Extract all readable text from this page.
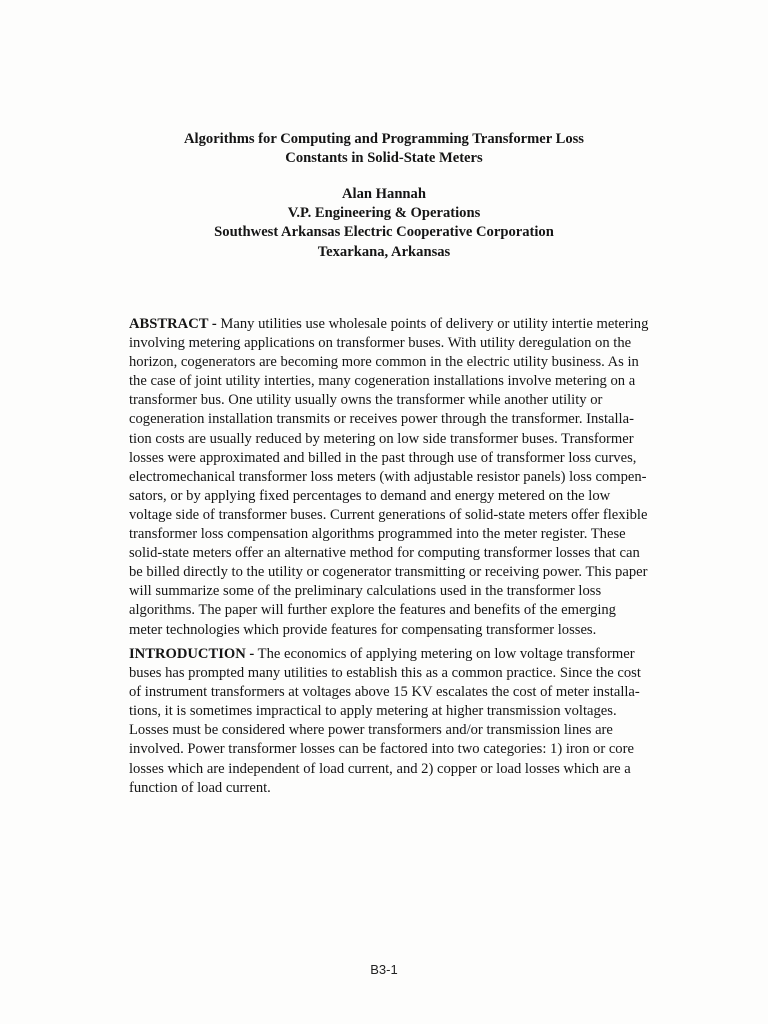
Algorithms for Computing and Programming Transformer Loss
Constants in Solid-State Meters
Alan Hannah
V.P. Engineering & Operations
Southwest Arkansas Electric Cooperative Corporation
Texarkana, Arkansas
ABSTRACT - Many utilities use wholesale points of delivery or utility intertie metering
involving metering applications on transformer buses. With utility deregulation on the
horizon, cogenerators are becoming more common in the electric utility business. As in
the case of joint utility interties, many cogeneration installations involve metering on a
transformer bus. One utility usually owns the transformer while another utility or
cogeneration installation transmits or receives power through the transformer. Installa-
tion costs are usually reduced by metering on low side transformer buses. Transformer
losses were approximated and billed in the past through use of transformer loss curves,
electromechanical transformer loss meters (with adjustable resistor panels) loss compen-
sators, or by applying fixed percentages to demand and energy metered on the low
voltage side of transformer buses. Current generations of solid-state meters offer flexible
transformer loss compensation algorithms programmed into the meter register. These
solid-state meters offer an alternative method for computing transformer losses that can
be billed directly to the utility or cogenerator transmitting or receiving power. This paper
will summarize some of the preliminary calculations used in the transformer loss
algorithms. The paper will further explore the features and benefits of the emerging
meter technologies which provide features for compensating transformer losses.
INTRODUCTION - The economics of applying metering on low voltage transformer
buses has prompted many utilities to establish this as a common practice. Since the cost
of instrument transformers at voltages above 15 KV escalates the cost of meter installa-
tions, it is sometimes impractical to apply metering at higher transmission voltages.
Losses must be considered where power transformers and/or transmission lines are
involved. Power transformer losses can be factored into two categories: 1) iron or core
losses which are independent of load current, and 2) copper or load losses which are a
function of load current.
B3-1
